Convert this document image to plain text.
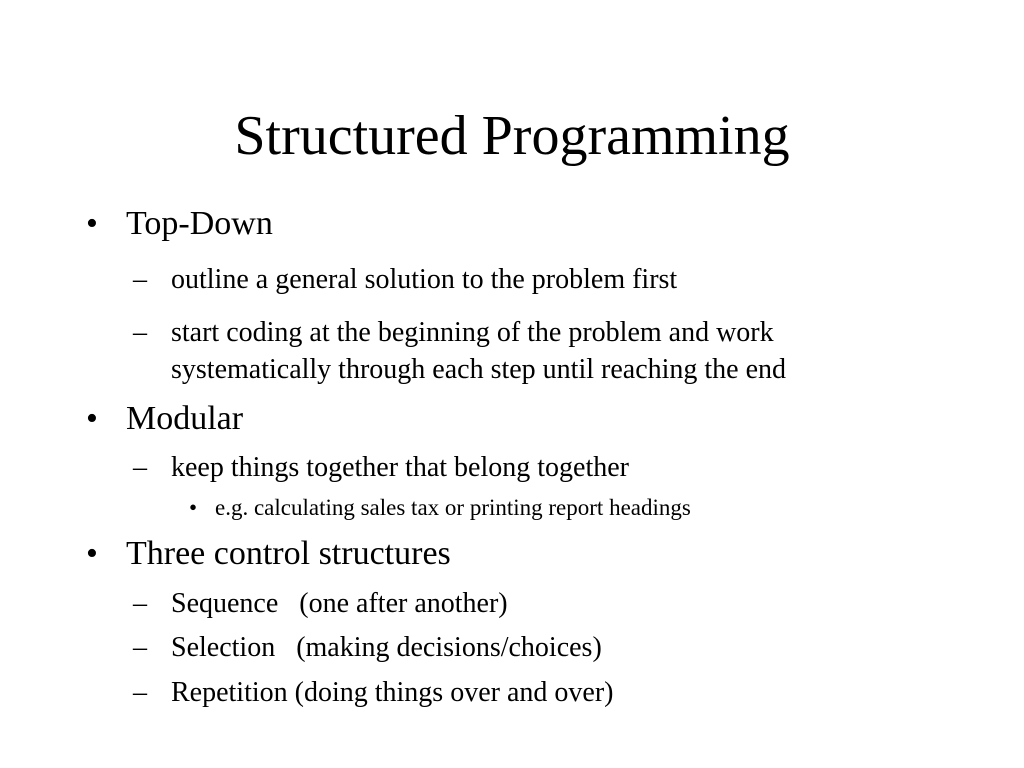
Structured Programming
• Top-Down
– outline a general solution to the problem first
– start coding at the beginning of the problem and work
systematically through each step until reaching the end
• Modular
– keep things together that belong together
• e.g. calculating sales tax or printing report headings
• Three control structures
– Sequence   (one after another)
– Selection   (making decisions/choices)
– Repetition (doing things over and over)
